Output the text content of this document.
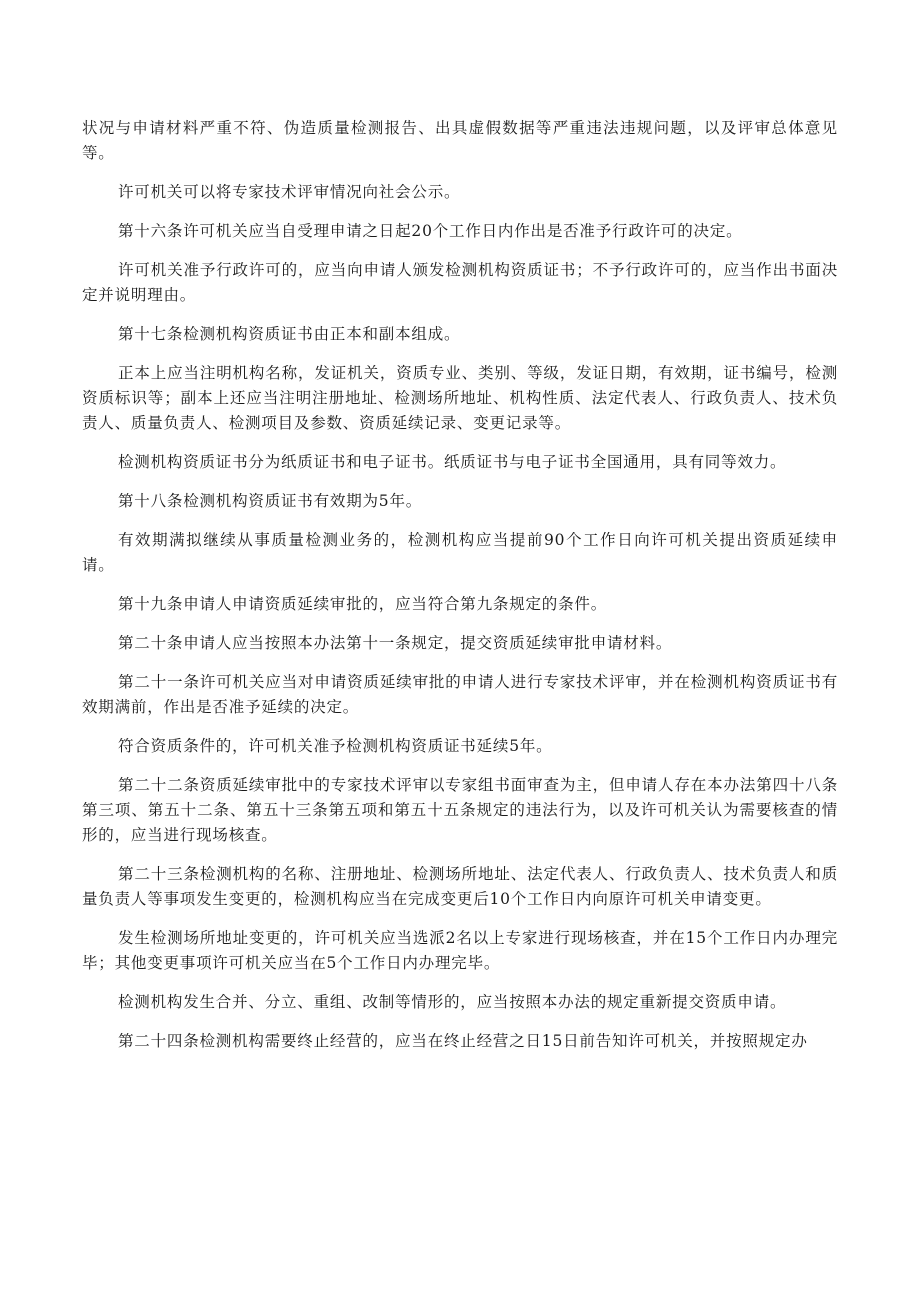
状况与申请材料严重不符、伪造质量检测报告、出具虚假数据等严重违法违规问题，以及评审总体意见等。

许可机关可以将专家技术评审情况向社会公示。

第十六条许可机关应当自受理申请之日起20个工作日内作出是否准予行政许可的决定。

许可机关准予行政许可的，应当向申请人颁发检测机构资质证书；不予行政许可的，应当作出书面决定并说明理由。

第十七条检测机构资质证书由正本和副本组成。

正本上应当注明机构名称，发证机关，资质专业、类别、等级，发证日期，有效期，证书编号，检测资质标识等；副本上还应当注明注册地址、检测场所地址、机构性质、法定代表人、行政负责人、技术负责人、质量负责人、检测项目及参数、资质延续记录、变更记录等。

检测机构资质证书分为纸质证书和电子证书。纸质证书与电子证书全国通用，具有同等效力。

第十八条检测机构资质证书有效期为5年。

有效期满拟继续从事质量检测业务的，检测机构应当提前90个工作日向许可机关提出资质延续申请。

第十九条申请人申请资质延续审批的，应当符合第九条规定的条件。

第二十条申请人应当按照本办法第十一条规定，提交资质延续审批申请材料。

第二十一条许可机关应当对申请资质延续审批的申请人进行专家技术评审，并在检测机构资质证书有效期满前，作出是否准予延续的决定。

符合资质条件的，许可机关准予检测机构资质证书延续5年。

第二十二条资质延续审批中的专家技术评审以专家组书面审查为主，但申请人存在本办法第四十八条第三项、第五十二条、第五十三条第五项和第五十五条规定的违法行为，以及许可机关认为需要核查的情形的，应当进行现场核查。

第二十三条检测机构的名称、注册地址、检测场所地址、法定代表人、行政负责人、技术负责人和质量负责人等事项发生变更的，检测机构应当在完成变更后10个工作日内向原许可机关申请变更。

发生检测场所地址变更的，许可机关应当选派2名以上专家进行现场核查，并在15个工作日内办理完毕；其他变更事项许可机关应当在5个工作日内办理完毕。

检测机构发生合并、分立、重组、改制等情形的，应当按照本办法的规定重新提交资质申请。

第二十四条检测机构需要终止经营的，应当在终止经营之日15日前告知许可机关，并按照规定办
